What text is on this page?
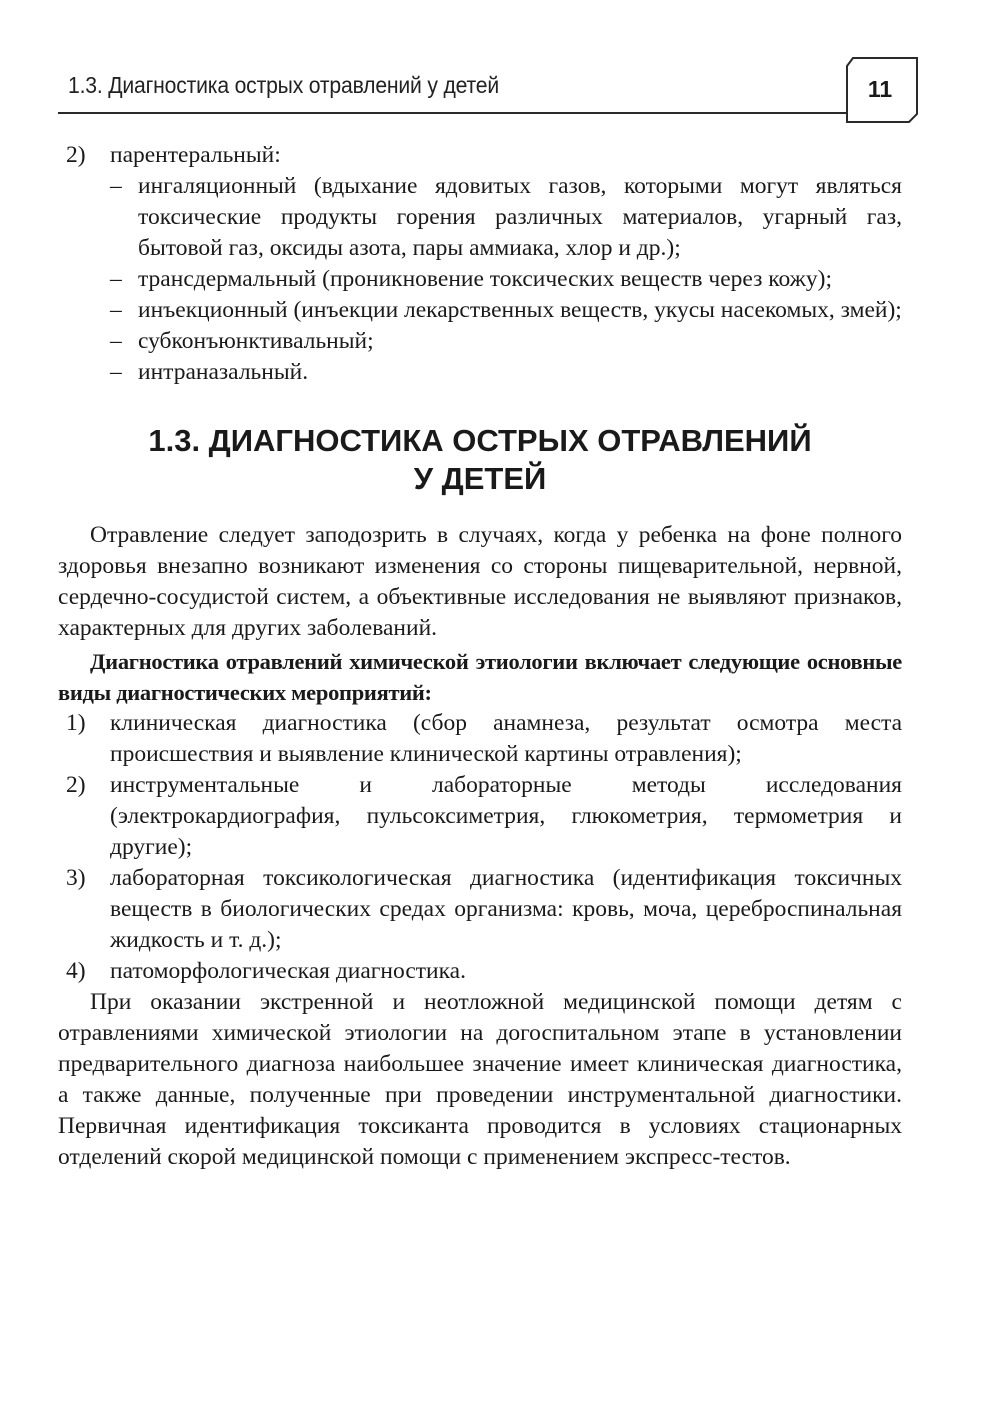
1.3. Диагностика острых отравлений у детей	11
2)	парентеральный:
– ингаляционный (вдыхание ядовитых газов, которыми могут являться токсические продукты горения различных материалов, угарный газ, бытовой газ, оксиды азота, пары аммиака, хлор и др.);
– трансдермальный (проникновение токсических веществ через кожу);
– инъекционный (инъекции лекарственных веществ, укусы насекомых, змей);
– субконъюнктивальный;
– интраназальный.
1.3. ДИАГНОСТИКА ОСТРЫХ ОТРАВЛЕНИЙ
У ДЕТЕЙ

Отравление следует заподозрить в случаях, когда у ребенка на фоне полного здоровья внезапно возникают изменения со стороны пищеварительной, нервной, сердечно-сосудистой систем, а объективные исследования не выявляют признаков, характерных для других заболеваний.

Диагностика отравлений химической этиологии включает следующие основные виды диагностических мероприятий:

1)	клиническая диагностика (сбор анамнеза, результат осмотра места происшествия и выявление клинической картины отравления);
2)	инструментальные и лабораторные методы исследования (электрокардиография, пульсоксиметрия, глюкометрия, термометрия и другие);
3)	лабораторная токсикологическая диагностика (идентификация токсичных веществ в биологических средах организма: кровь, моча, цереброспинальная жидкость и т. д.);
4)	патоморфологическая диагностика.

При оказании экстренной и неотложной медицинской помощи детям с отравлениями химической этиологии на догоспитальном этапе в установлении предварительного диагноза наибольшее значение имеет клиническая диагностика, а также данные, полученные при проведении инструментальной диагностики. Первичная идентификация токсиканта проводится в условиях стационарных отделений скорой медицинской помощи с применением экспресс-тестов.
